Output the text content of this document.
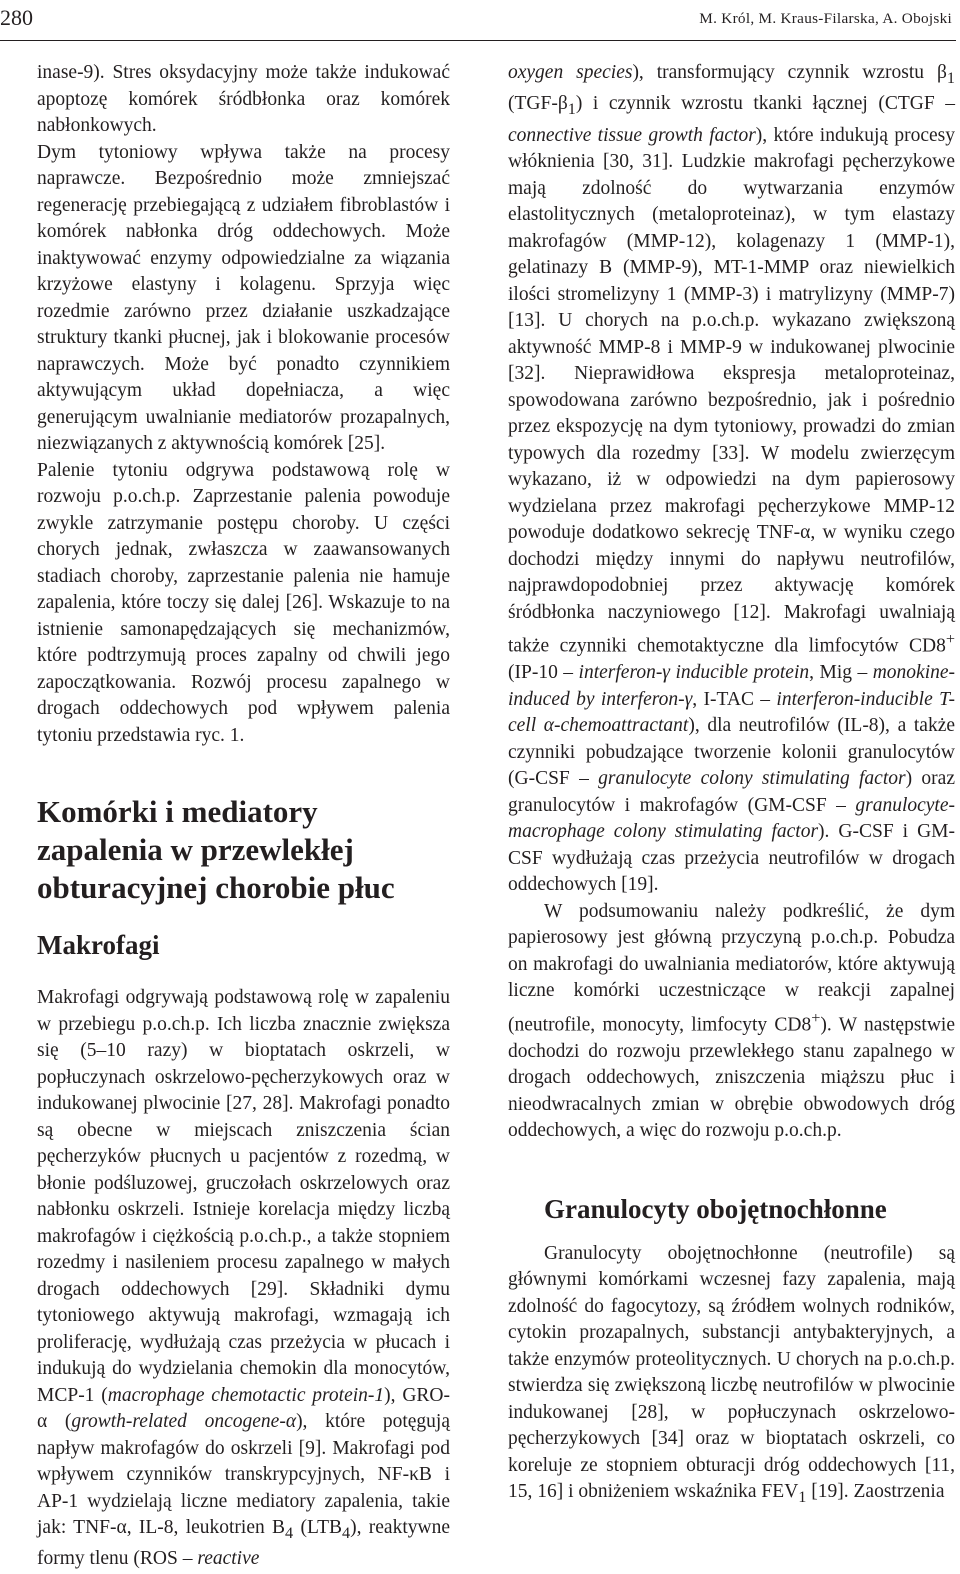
280	M. Król, M. Kraus-Filarska, A. Obojski

inase-9). Stres oksydacyjny może także indukować apoptozę komórek śródbłonka oraz komórek nabłonkowych.

Dym tytoniowy wpływa także na procesy naprawcze. Bezpośrednio może zmniejszać regenerację przebiegającą z udziałem fibroblastów i komórek nabłonka dróg oddechowych. Może inaktywować enzymy odpowiedzialne za wiązania krzyżowe elastyny i kolagenu. Sprzyja więc rozedmie zarówno przez działanie uszkadzające struktury tkanki płucnej, jak i blokowanie procesów naprawczych. Może być ponadto czynnikiem aktywującym układ dopełniacza, a więc generującym uwalnianie mediatorów prozapalnych, niezwiązanych z aktywnością komórek [25].

Palenie tytoniu odgrywa podstawową rolę w rozwoju p.o.ch.p. Zaprzestanie palenia powoduje zwykle zatrzymanie postępu choroby. U części chorych jednak, zwłaszcza w zaawansowanych stadiach choroby, zaprzestanie palenia nie hamuje zapalenia, które toczy się dalej [26]. Wskazuje to na istnienie samonapędzających się mechanizmów, które podtrzymują proces zapalny od chwili jego zapoczątkowania. Rozwój procesu zapalnego w drogach oddechowych pod wpływem palenia tytoniu przedstawia ryc. 1.

Komórki i mediatory zapalenia w przewlekłej obturacyjnej chorobie płuc
Makrofagi

Makrofagi odgrywają podstawową rolę w zapaleniu w przebiegu p.o.ch.p. Ich liczba znacznie zwiększa się (5–10 razy) w bioptatach oskrzeli, w popłuczynach oskrzelowo-pęcherzykowych oraz w indukowanej plwocinie [27, 28]. Makrofagi ponadto są obecne w miejscach zniszczenia ścian pęcherzyków płucnych u pacjentów z rozedmą, w błonie podśluzowej, gruczołach oskrzelowych oraz nabłonku oskrzeli. Istnieje korelacja między liczbą makrofagów i ciężkością p.o.ch.p., a także stopniem rozedmy i nasileniem procesu zapalnego w małych drogach oddechowych [29]. Składniki dymu tytoniowego aktywują makrofagi, wzmagają ich proliferację, wydłużają czas przeżycia w płucach i indukują do wydzielania chemokin dla monocytów, MCP-1 (macrophage chemotactic protein-1), GRO-α (growth-related oncogene-α), które potęgują napływ makrofagów do oskrzeli [9]. Makrofagi pod wpływem czynników transkrypcyjnych, NF-κB i AP-1 wydzielają liczne mediatory zapalenia, takie jak: TNF-α, IL-8, leukotrien $B_4$ $(LTB_4)$, reaktywne formy tlenu (ROS – reactive

oxygen species), transformujący czynnik wzrostu $\beta_1$ $(TGF-\beta_1)$ i czynnik wzrostu tkanki łącznej (CTGF – connective tissue growth factor), które indukują procesy włóknienia [30, 31]. Ludzkie makrofagi pęcherzykowe mają zdolność do wytwarzania enzymów elastolitycznych (metaloproteinaz), w tym elastazy makrofagów (MMP-12), kolagenazy 1 (MMP-1), gelatinazy B (MMP-9), MT-1-MMP oraz niewielkich ilości stromelizyny 1 (MMP-3) i matrylizyny (MMP-7) [13]. U chorych na p.o.ch.p. wykazano zwiększoną aktywność MMP-8 i MMP-9 w indukowanej plwocinie [32]. Nieprawidłowa ekspresja metaloproteinaz, spowodowana zarówno bezpośrednio, jak i pośrednio przez ekspozycję na dym tytoniowy, prowadzi do zmian typowych dla rozedmy [33]. W modelu zwierzęcym wykazano, iż w odpowiedzi na dym papierosowy wydzielana przez makrofagi pęcherzykowe MMP-12 powoduje dodatkowo sekrecję TNF-α, w wyniku czego dochodzi między innymi do napływu neutrofilów, najprawdopodobniej przez aktywację komórek śródbłonka naczyniowego [12]. Makrofagi uwalniają także czynniki chemotaktyczne dla limfocytów CD8+ (IP-10 – interferon-γ inducible protein, Mig – monokine-induced by interferon-γ, I-TAC – interferon-inducible T-cell α-chemoattractant), dla neutrofilów (IL-8), a także czynniki pobudzające tworzenie kolonii granulocytów (G-CSF – granulocyte colony stimulating factor) oraz granulocytów i makrofagów (GM-CSF – granulocyte-macrophage colony stimulating factor). G-CSF i GM-CSF wydłużają czas przeżycia neutrofilów w drogach oddechowych [19].

W podsumowaniu należy podkreślić, że dym papierosowy jest główną przyczyną p.o.ch.p. Pobudza on makrofagi do uwalniania mediatorów, które aktywują liczne komórki uczestniczące w reakcji zapalnej (neutrofile, monocyty, limfocyty CD8+). W następstwie dochodzi do rozwoju przewlekłego stanu zapalnego w drogach oddechowych, zniszczenia miąższu płuc i nieodwracalnych zmian w obrębie obwodowych dróg oddechowych, a więc do rozwoju p.o.ch.p.

Granulocyty obojętnochłonne

Granulocyty obojętnochłonne (neutrofile) są głównymi komórkami wczesnej fazy zapalenia, mają zdolność do fagocytozy, są źródłem wolnych rodników, cytokin prozapalnych, substancji antybakteryjnych, a także enzymów proteolitycznych. U chorych na p.o.ch.p. stwierdza się zwiększoną liczbę neutrofilów w plwocinie indukowanej [28], w popłuczynach oskrzelowo-pęcherzykowych [34] oraz w bioptatach oskrzeli, co koreluje ze stopniem obturacji dróg oddechowych [11, 15, 16] i obniżeniem wskaźnika $FEV_1$ [19]. Zaostrzenia
